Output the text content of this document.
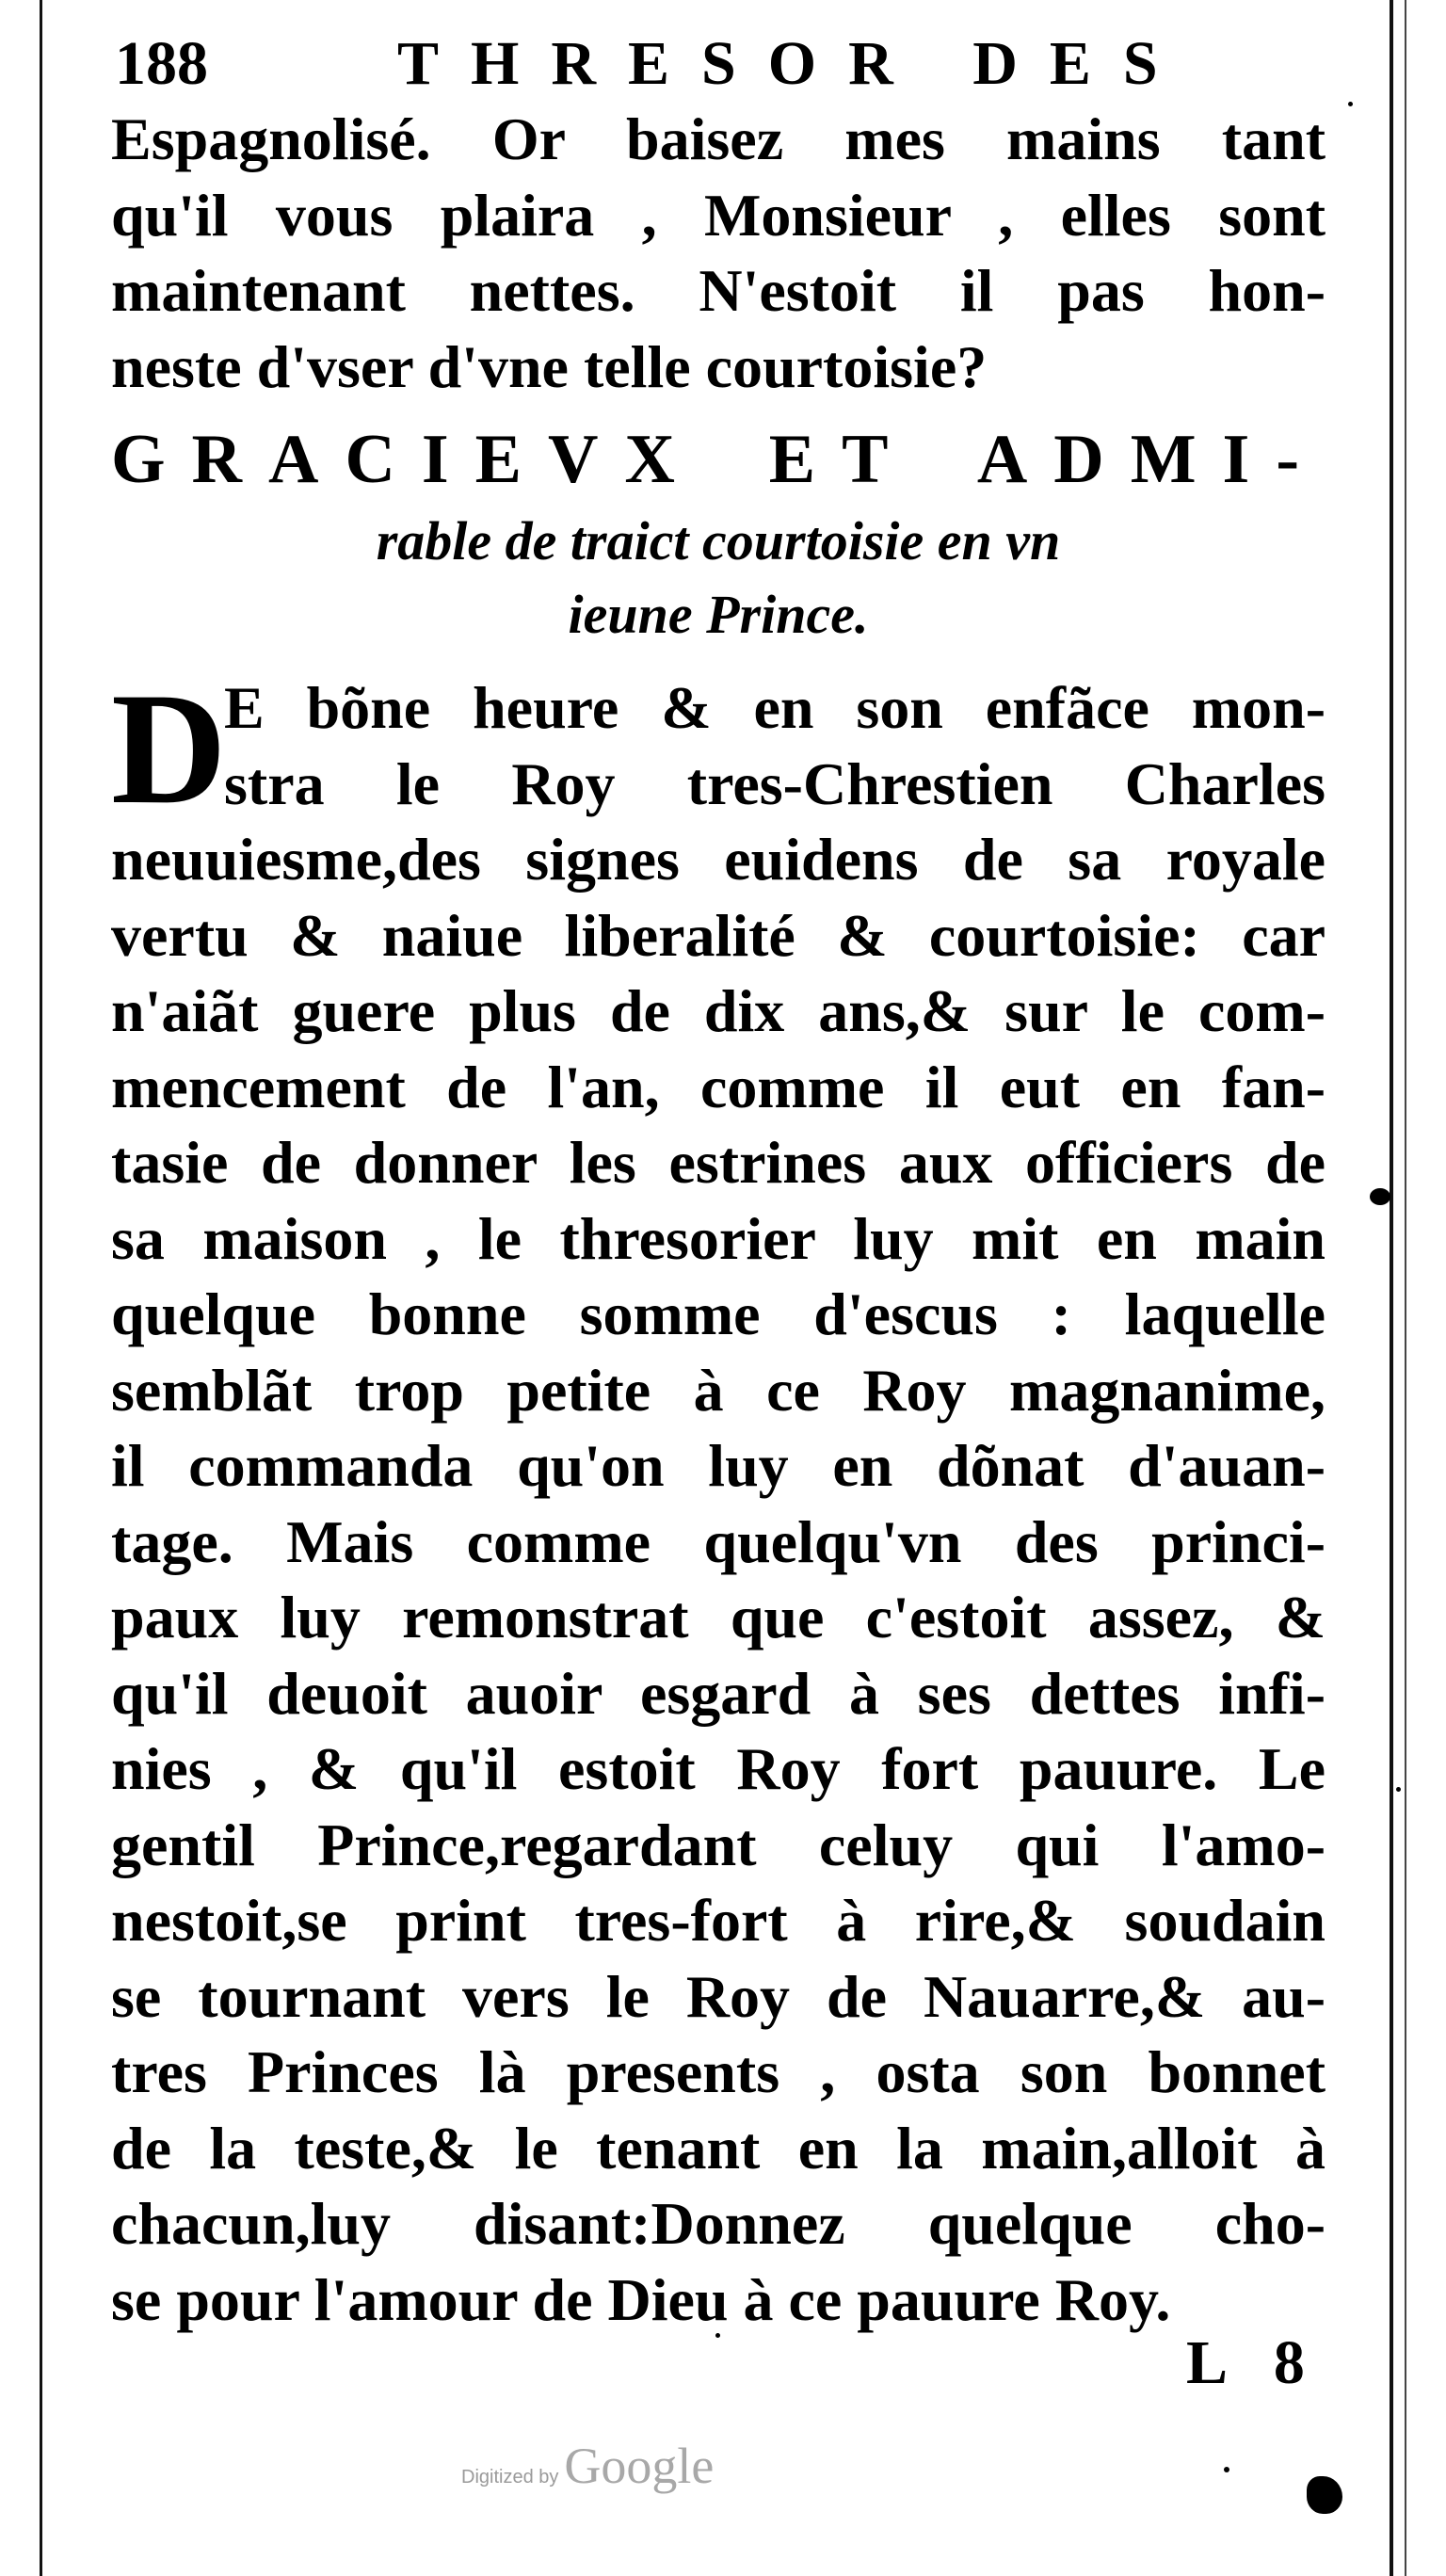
188	THRESOR DES
Espagnolisé. Or baisez mes mains tant
qu'il vous plaira , Monsieur , elles sont
maintenant nettes. N'estoit il pas hon-
neste d'vser d'vne telle courtoisie?
GRACIEVX ET ADMI-
rable de traict courtoisie en vn
ieune Prince.
D
E bõne heure & en son enfãce mon-
stra le Roy tres-Chrestien Charles
neuuiesme,des signes euidens de sa royale
vertu & naiue liberalité & courtoisie: car
n'aiãt guere plus de dix ans,& sur le com-
mencement de l'an, comme il eut en fan-
tasie de donner les estrines aux officiers de
sa maison , le thresorier luy mit en main
quelque bonne somme d'escus : laquelle
semblãt trop petite à ce Roy magnanime,
il commanda qu'on luy en dõnat d'auan-
tage. Mais comme quelqu'vn des princi-
paux luy remonstrat que c'estoit assez, &
qu'il deuoit auoir esgard à ses dettes infi-
nies , & qu'il estoit Roy fort pauure. Le
gentil Prince,regardant celuy qui l'amo-
nestoit,se print tres-fort à rire,& soudain
se tournant vers le Roy de Nauarre,& au-
tres Princes là presents , osta son bonnet
de la teste,& le tenant en la main,alloit à
chacun,luy disant:Donnez quelque cho-
se pour l'amour de Dieu à ce pauure Roy.
L 8
Digitized by Google
